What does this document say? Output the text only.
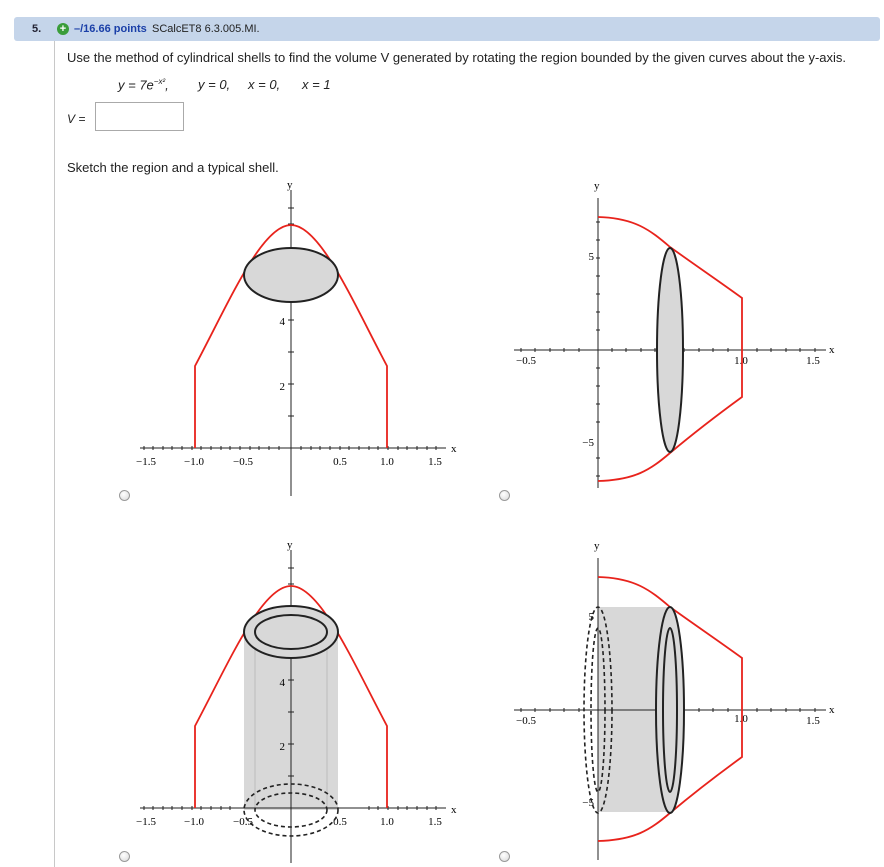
5. + –/16.66 points SCalcET8 6.3.005.MI.
Use the method of cylindrical shells to find the volume V generated by rotating the region bounded by the given curves about the y-axis.
$y = 7e^{-x^2}$, y = 0, x = 0, x = 1
V =
Sketch the region and a typical shell.
−1.5	−1.0	−0.5	0.5	1.0	1.5
2
4
x
y
−0.5	1.0	1.5
5
−5
x
y
−1.5	−1.0	−0.5	0.5	1.0	1.5
2
4
x
y
−0.5	1.0	1.5
5
−5
x
y
